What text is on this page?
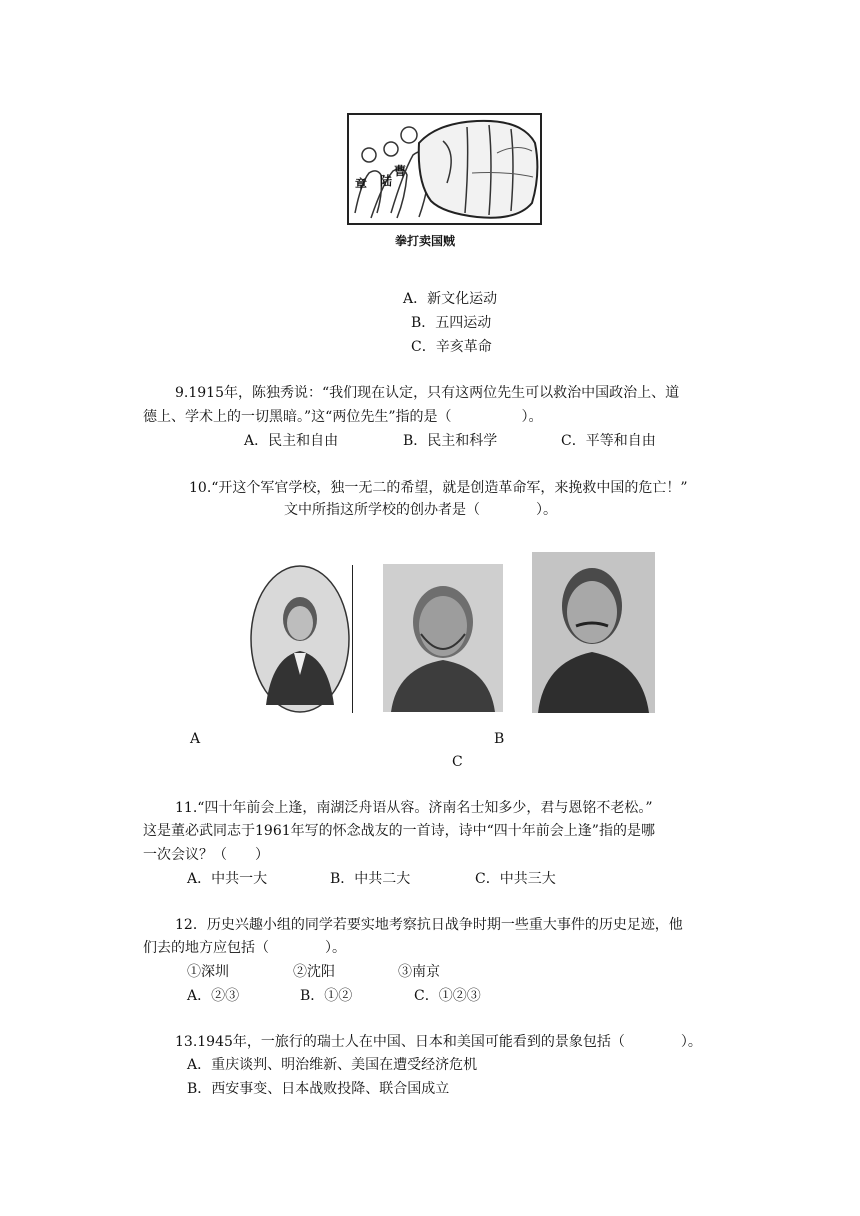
章 陆
曹
拳打卖国贼
A．新文化运动
B．五四运动
C．辛亥革命
9.1915年，陈独秀说：“我们现在认定，只有这两位先生可以救治中国政治上、道
德上、学术上的一切黑暗。”这“两位先生”指的是（　　　　　）。
A．民主和自由	B．民主和科学	C．平等和自由
10.“开这个军官学校，独一无二的希望，就是创造革命军，来挽救中国的危亡！”
文中所指这所学校的创办者是（　　　　）。
A	B
C
11.“四十年前会上逢，南湖泛舟语从容。济南名士知多少，君与恩铭不老松。”
这是董必武同志于1961年写的怀念战友的一首诗，诗中“四十年前会上逢”指的是哪
一次会议？（　　）
A．中共一大	B．中共二大	C．中共三大
12．历史兴趣小组的同学若要实地考察抗日战争时期一些重大事件的历史足迹，他
们去的地方应包括（　　　　）。
①深圳	②沈阳	③南京
A．②③	B．①②	C．①②③
13.1945年，一旅行的瑞士人在中国、日本和美国可能看到的景象包括（　　　　）。
A．重庆谈判、明治维新、美国在遭受经济危机
B．西安事变、日本战败投降、联合国成立
